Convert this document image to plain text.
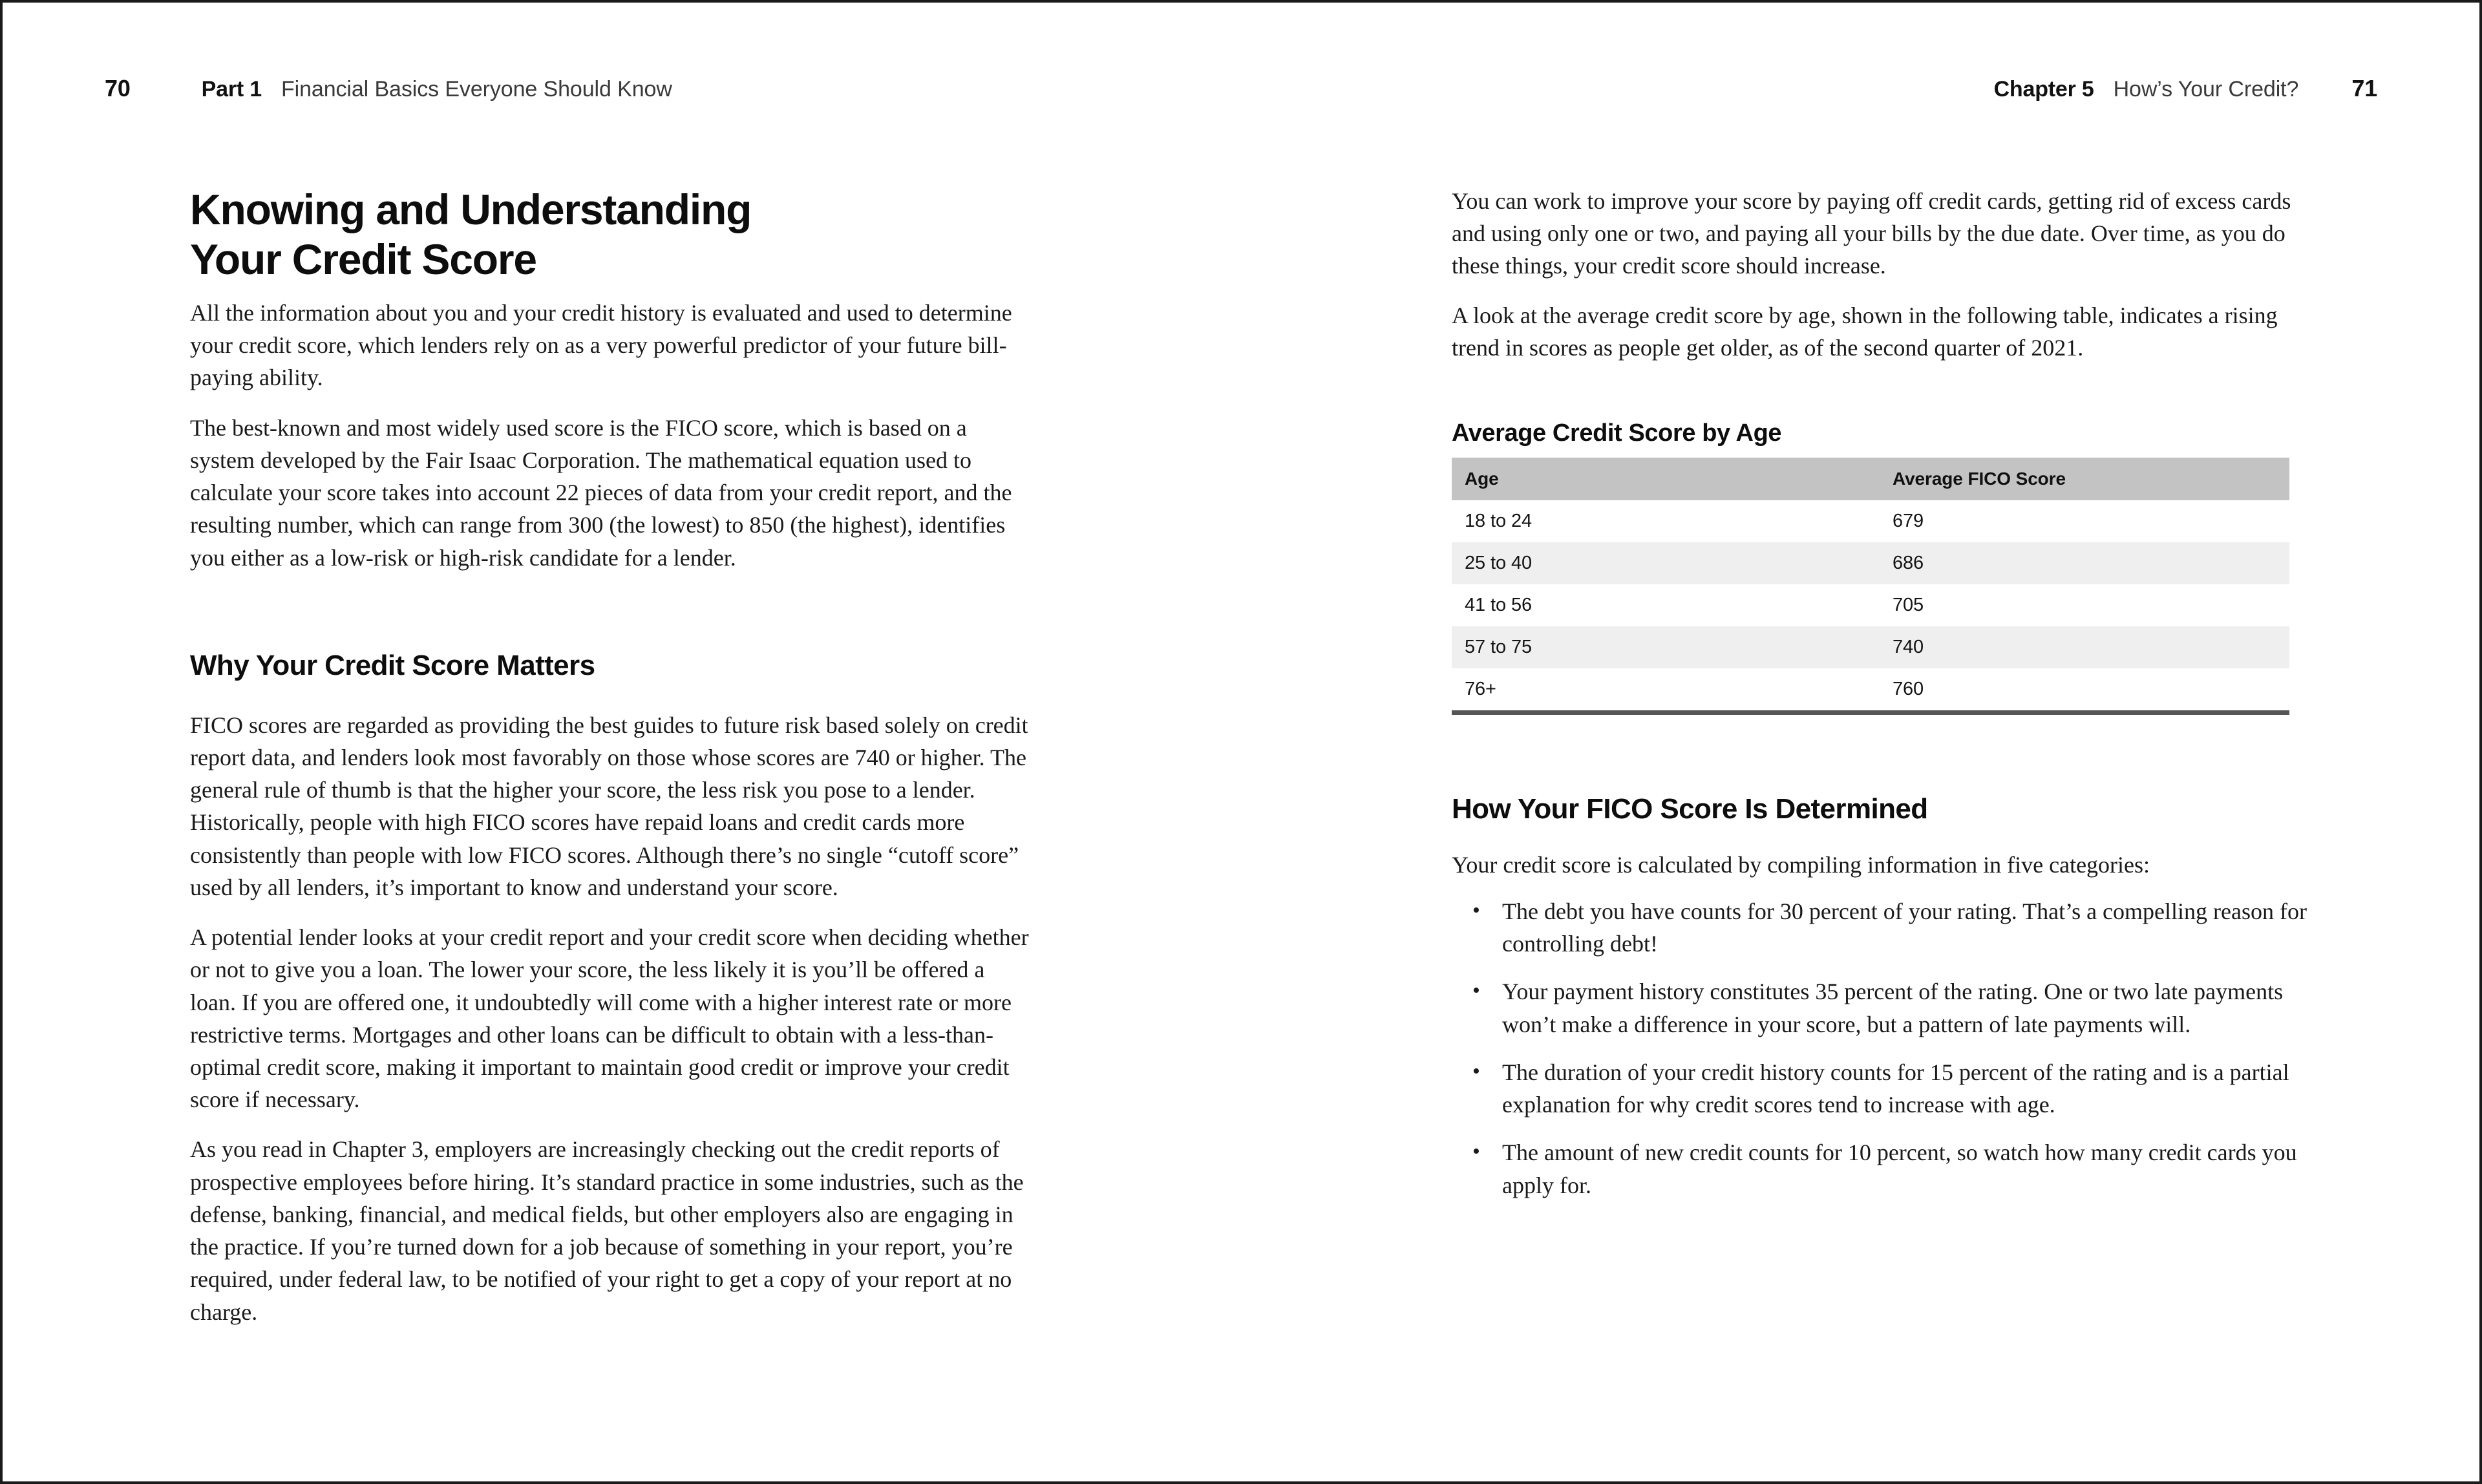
70	Part 1 Financial Basics Everyone Should Know
Knowing and Understanding
Your Credit Score

All the information about you and your credit history is evaluated and used to determine your credit score, which lenders rely on as a very powerful predictor of your future bill-paying ability.

The best-known and most widely used score is the FICO score, which is based on a system developed by the Fair Isaac Corporation. The mathematical equation used to calculate your score takes into account 22 pieces of data from your credit report, and the resulting number, which can range from 300 (the lowest) to 850 (the highest), identifies you either as a low-risk or high-risk candidate for a lender.

Why Your Credit Score Matters

FICO scores are regarded as providing the best guides to future risk based solely on credit report data, and lenders look most favorably on those whose scores are 740 or higher. The general rule of thumb is that the higher your score, the less risk you pose to a lender. Historically, people with high FICO scores have repaid loans and credit cards more consistently than people with low FICO scores. Although there’s no single “cutoff score” used by all lenders, it’s important to know and understand your score.

A potential lender looks at your credit report and your credit score when deciding whether or not to give you a loan. The lower your score, the less likely it is you’ll be offered a loan. If you are offered one, it undoubtedly will come with a higher interest rate or more restrictive terms. Mortgages and other loans can be difficult to obtain with a less-than-optimal credit score, making it important to maintain good credit or improve your credit score if necessary.

As you read in Chapter 3, employers are increasingly checking out the credit reports of prospective employees before hiring. It’s standard practice in some industries, such as the defense, banking, financial, and medical fields, but other employers also are engaging in the practice. If you’re turned down for a job because of something in your report, you’re required, under federal law, to be notified of your right to get a copy of your report at no charge.

Chapter 5 How’s Your Credit? 71

You can work to improve your score by paying off credit cards, getting rid of excess cards and using only one or two, and paying all your bills by the due date. Over time, as you do these things, your credit score should increase.

A look at the average credit score by age, shown in the following table, indicates a rising trend in scores as people get older, as of the second quarter of 2021.

Average Credit Score by Age
Age	Average FICO Score
18 to 24	679
25 to 40	686
41 to 56	705
57 to 75	740
76+	760
How Your FICO Score Is Determined

Your credit score is calculated by compiling information in five categories:

• The debt you have counts for 30 percent of your rating. That’s a compelling reason for controlling debt!
• Your payment history constitutes 35 percent of the rating. One or two late payments won’t make a difference in your score, but a pattern of late payments will.
• The duration of your credit history counts for 15 percent of the rating and is a partial explanation for why credit scores tend to increase with age.
• The amount of new credit counts for 10 percent, so watch how many credit cards you apply for.
